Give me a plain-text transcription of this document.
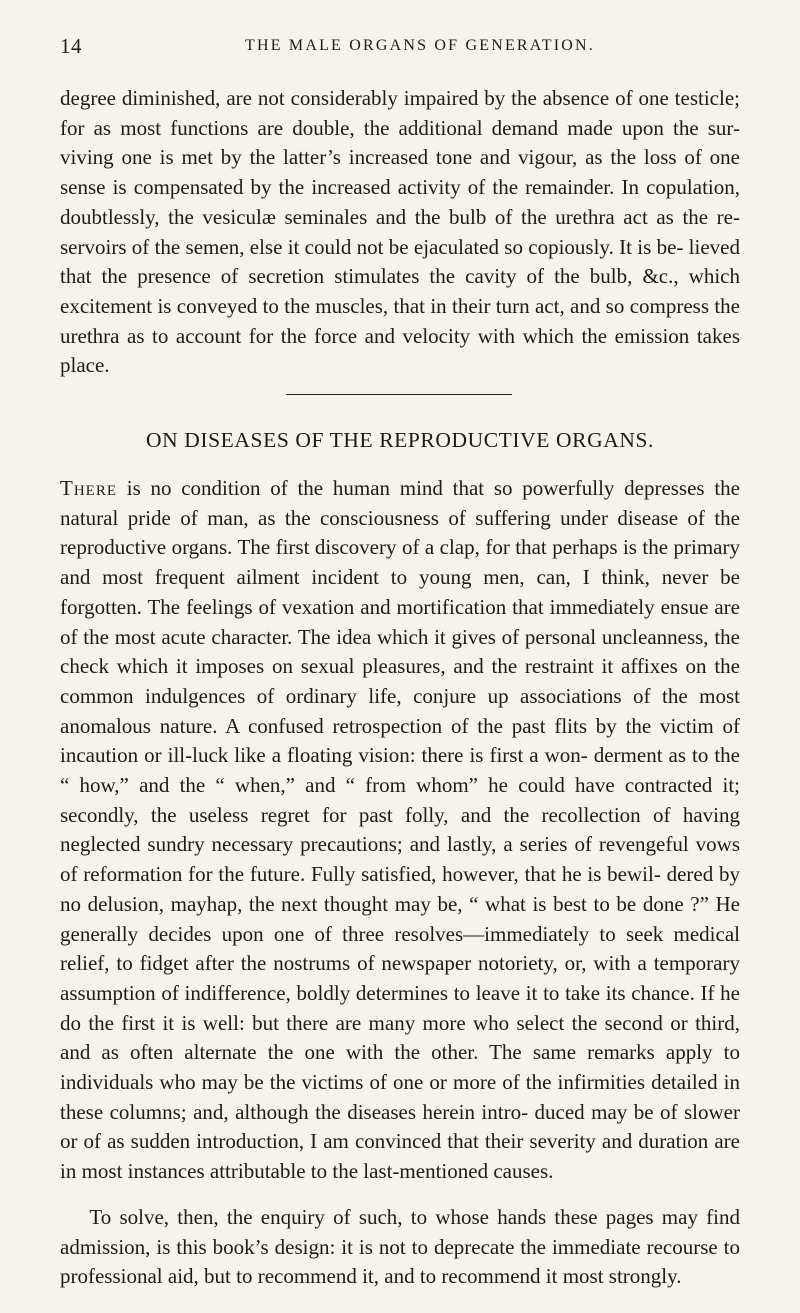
14	THE MALE ORGANS OF GENERATION.

degree diminished, are not considerably impaired by the absence of one testicle; for as most functions are double, the additional demand made upon the sur- viving one is met by the latter’s increased tone and vigour, as the loss of one sense is compensated by the increased activity of the remainder. In copulation, doubtlessly, the vesiculæ seminales and the bulb of the urethra act as the re- servoirs of the semen, else it could not be ejaculated so copiously. It is be- lieved that the presence of secretion stimulates the cavity of the bulb, &c., which excitement is conveyed to the muscles, that in their turn act, and so compress the urethra as to account for the force and velocity with which the emission takes place.

ON DISEASES OF THE REPRODUCTIVE ORGANS.

There is no condition of the human mind that so powerfully depresses the natural pride of man, as the consciousness of suffering under disease of the reproductive organs. The first discovery of a clap, for that perhaps is the primary and most frequent ailment incident to young men, can, I think, never be forgotten. The feelings of vexation and mortification that immediately ensue are of the most acute character. The idea which it gives of personal uncleanness, the check which it imposes on sexual pleasures, and the restraint it affixes on the common indulgences of ordinary life, conjure up associations of the most anomalous nature. A confused retrospection of the past flits by the victim of incaution or ill-luck like a floating vision: there is first a won- derment as to the “ how,” and the “ when,” and “ from whom” he could have contracted it; secondly, the useless regret for past folly, and the recollection of having neglected sundry necessary precautions; and lastly, a series of revengeful vows of reformation for the future. Fully satisfied, however, that he is bewil- dered by no delusion, mayhap, the next thought may be, “ what is best to be done ?” He generally decides upon one of three resolves—immediately to seek medical relief, to fidget after the nostrums of newspaper notoriety, or, with a temporary assumption of indifference, boldly determines to leave it to take its chance. If he do the first it is well: but there are many more who select the second or third, and as often alternate the one with the other. The same remarks apply to individuals who may be the victims of one or more of the infirmities detailed in these columns; and, although the diseases herein intro- duced may be of slower or of as sudden introduction, I am convinced that their severity and duration are in most instances attributable to the last-mentioned causes.

To solve, then, the enquiry of such, to whose hands these pages may find admission, is this book’s design: it is not to deprecate the immediate recourse to professional aid, but to recommend it, and to recommend it most strongly.
